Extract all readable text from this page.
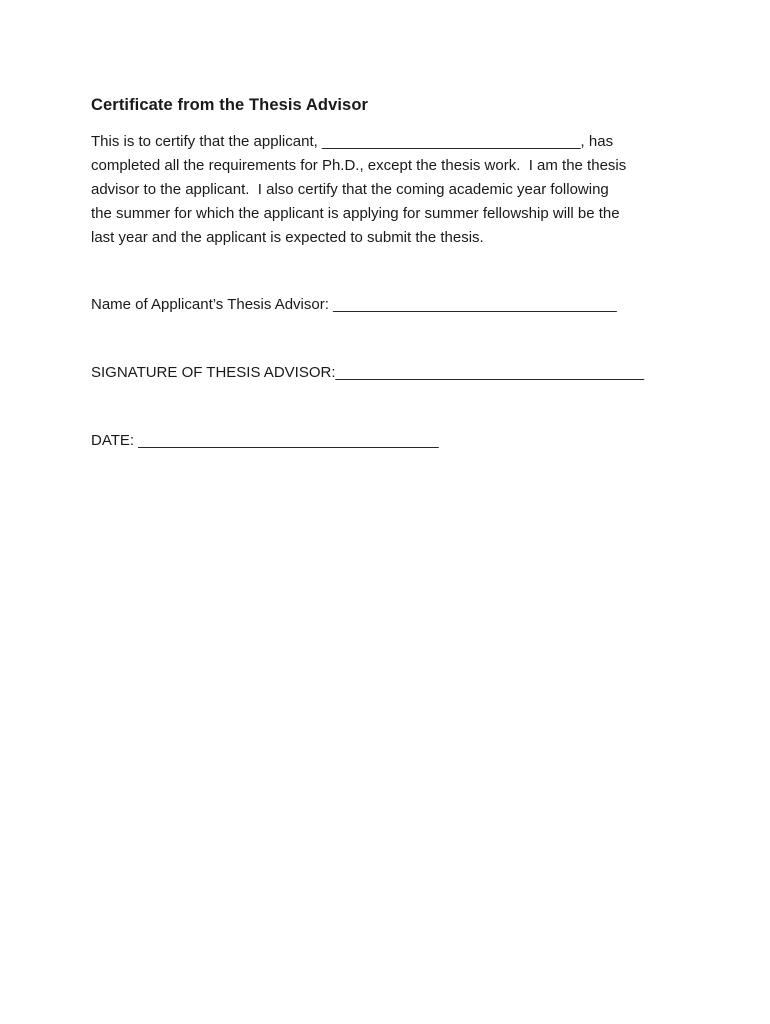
Certificate from the Thesis Advisor
This is to certify that the applicant, _______________________________, has
completed all the requirements for Ph.D., except the thesis work.  I am the thesis
advisor to the applicant.  I also certify that the coming academic year following
the summer for which the applicant is applying for summer fellowship will be the
last year and the applicant is expected to submit the thesis.
Name of Applicant’s Thesis Advisor: __________________________________
SIGNATURE OF THESIS ADVISOR:_____________________________________
DATE: ____________________________________
